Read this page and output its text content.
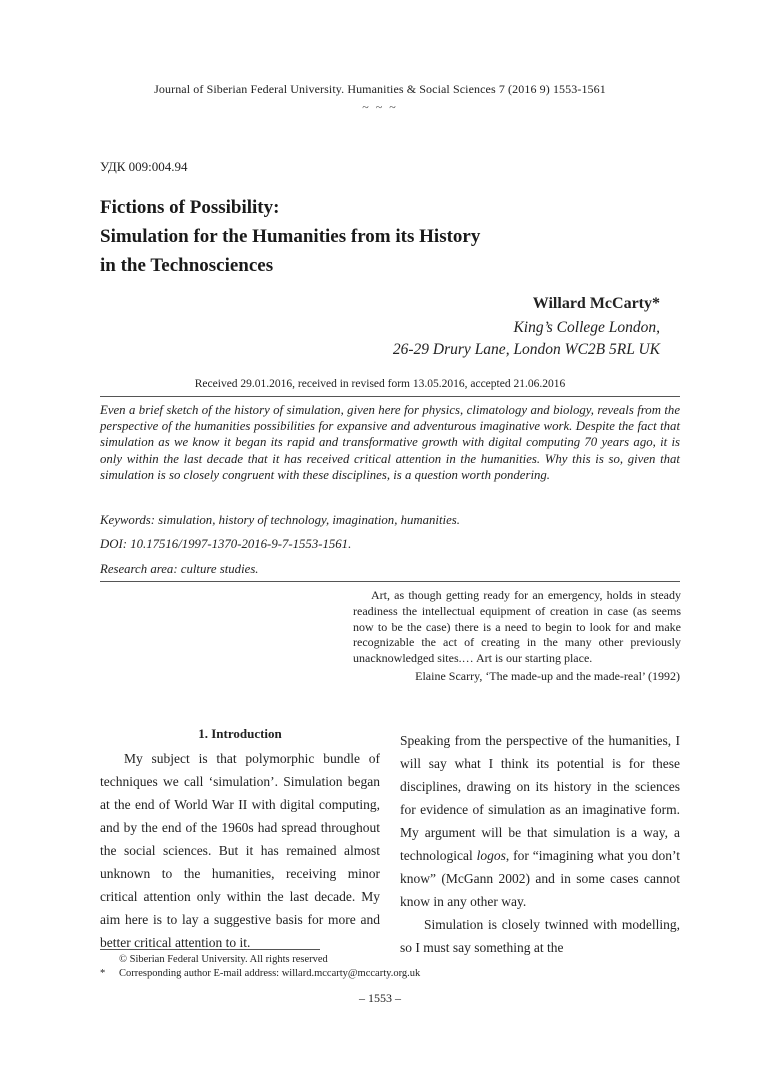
Journal of Siberian Federal University. Humanities & Social Sciences 7 (2016 9) 1553-1561
~ ~ ~
УДК 009:004.94
Fictions of Possibility:
Simulation for the Humanities from its History
in the Technosciences
Willard McCarty*
King’s College London,
26-29 Drury Lane, London WC2B 5RL UK
Received 29.01.2016, received in revised form 13.05.2016, accepted 21.06.2016
Even a brief sketch of the history of simulation, given here for physics, climatology and biology, reveals from the perspective of the humanities possibilities for expansive and adventurous imaginative work. Despite the fact that simulation as we know it began its rapid and transformative growth with digital computing 70 years ago, it is only within the last decade that it has received critical attention in the humanities. Why this is so, given that simulation is so closely congruent with these disciplines, is a question worth pondering.
Keywords: simulation, history of technology, imagination, humanities.
DOI: 10.17516/1997-1370-2016-9-7-1553-1561.
Research area: culture studies.
Art, as though getting ready for an emergency, holds in steady readiness the intellectual equipment of creation in case (as seems now to be the case) there is a need to begin to look for and make recognizable the act of creating in the many other previously unacknowledged sites.… Art is our starting place.
Elaine Scarry, ‘The made-up and the made-real’ (1992)
1. Introduction

My subject is that polymorphic bundle of techniques we call ‘simulation’. Simulation began at the end of World War II with digital computing, and by the end of the 1960s had spread throughout the social sciences. But it has remained almost unknown to the humanities, receiving minor critical attention only within the last decade. My aim here is to lay a suggestive basis for more and better critical attention to it.

Speaking from the perspective of the humanities, I will say what I think its potential is for these disciplines, drawing on its history in the sciences for evidence of simulation as an imaginative form. My argument will be that simulation is a way, a technological logos, for “imagining what you don’t know” (McGann 2002) and in some cases cannot know in any other way.

Simulation is closely twinned with modelling, so I must say something at the

© Siberian Federal University. All rights reserved
* Corresponding author E-mail address: willard.mccarty@mccarty.org.uk
– 1553 –
